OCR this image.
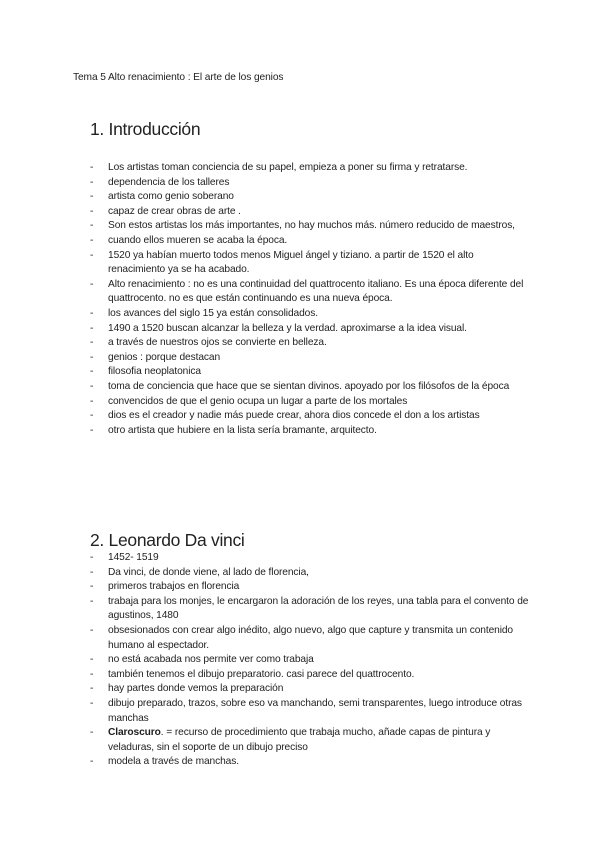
Tema 5 Alto renacimiento : El arte de los genios
1. Introducción
- Los artistas toman conciencia de su papel, empieza a poner su firma y retratarse.
- dependencia de los talleres
- artista como genio soberano
- capaz de crear obras de arte .
- Son estos artistas los más importantes, no hay muchos más. número reducido de maestros,
- cuando ellos mueren se acaba la época.
- 1520 ya habían muerto todos menos Miguel ángel y tiziano. a partir de 1520 el alto renacimiento ya se ha acabado.
- Alto renacimiento : no es una continuidad del quattrocento italiano. Es una época diferente del quattrocento. no es que están continuando es una nueva época.
- los avances del siglo 15 ya están consolidados.
- 1490 a 1520 buscan alcanzar la belleza y la verdad. aproximarse a la idea visual.
- a través de nuestros ojos se convierte en belleza.
- genios : porque destacan
- filosofia neoplatonica
- toma de conciencia que hace que se sientan divinos. apoyado por los filósofos de la época
- convencidos de que el genio ocupa un lugar a parte de los mortales
- dios es el creador y nadie más puede crear, ahora dios concede el don a los artistas
- otro artista que hubiere en la lista sería bramante, arquitecto.
2. Leonardo Da vinci
- 1452- 1519
- Da vinci, de donde viene, al lado de florencia,
- primeros trabajos en florencia
- trabaja para los monjes, le encargaron la adoración de los reyes, una tabla para el convento de agustinos, 1480
- obsesionados con crear algo inédito, algo nuevo, algo que capture y transmita un contenido humano al espectador.
- no está acabada nos permite ver como trabaja
- también tenemos el dibujo preparatorio. casi parece del quattrocento.
- hay partes donde vemos la preparación
- dibujo preparado, trazos, sobre eso va manchando, semi transparentes, luego introduce otras manchas
- Claroscuro. = recurso de procedimiento que trabaja mucho, añade capas de pintura y veladuras, sin el soporte de un dibujo preciso
- modela a través de manchas.
